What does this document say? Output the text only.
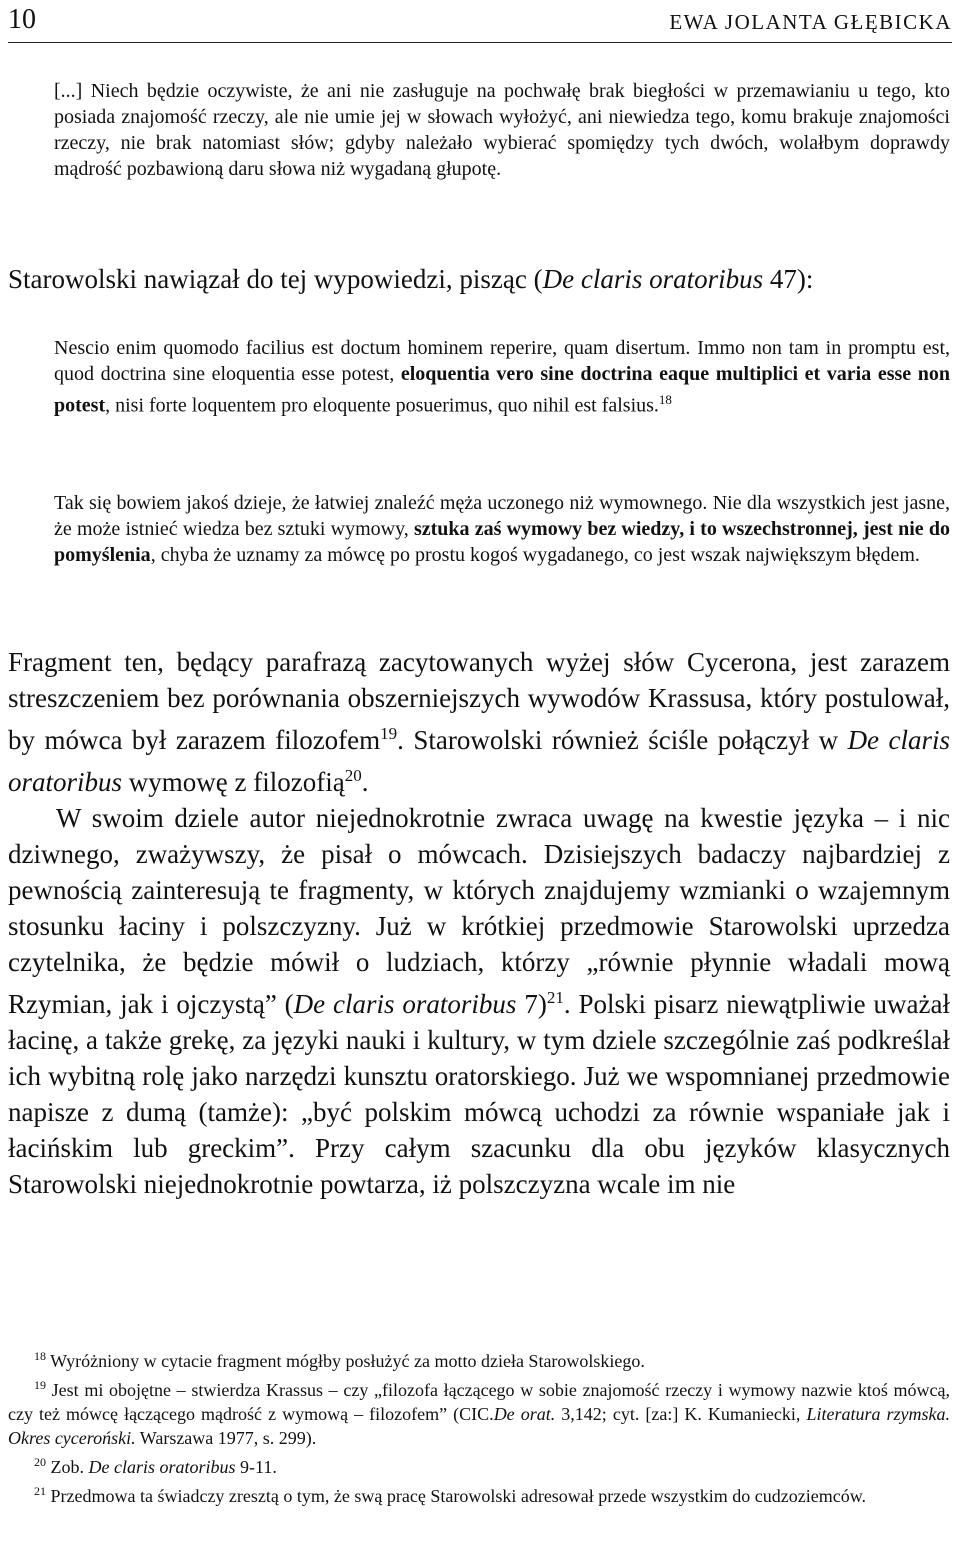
10	EWA JOLANTA GŁĘBICKA

[...] Niech będzie oczywiste, że ani nie zasługuje na pochwałę brak biegłości w przemawianiu u tego, kto posiada znajomość rzeczy, ale nie umie jej w słowach wyłożyć, ani niewiedza tego, komu brakuje znajomości rzeczy, nie brak natomiast słów; gdyby należało wybierać spomiędzy tych dwóch, wolałbym doprawdy mądrość pozbawioną daru słowa niż wygadaną głupotę.

Starowolski nawiązał do tej wypowiedzi, pisząc (De claris oratoribus 47):

Nescio enim quomodo facilius est doctum hominem reperire, quam disertum. Immo non tam in promptu est, quod doctrina sine eloquentia esse potest, eloquentia vero sine doctrina eaque multiplici et varia esse non potest, nisi forte loquentem pro eloquente posuerimus, quo nihil est falsius.$^{18}$

Tak się bowiem jakoś dzieje, że łatwiej znaleźć męża uczonego niż wymownego. Nie dla wszystkich jest jasne, że może istnieć wiedza bez sztuki wymowy, sztuka zaś wymowy bez wiedzy, i to wszechstronnej, jest nie do pomyślenia, chyba że uznamy za mówcę po prostu kogoś wygadanego, co jest wszak największym błędem.

Fragment ten, będący parafrazą zacytowanych wyżej słów Cycerona, jest zarazem streszczeniem bez porównania obszerniejszych wywodów Krassusa, który postulował, by mówca był zarazem filozofem$^{19}$. Starowolski również ściśle połączył w De claris oratoribus wymowę z filozofią$^{20}$.

W swoim dziele autor niejednokrotnie zwraca uwagę na kwestie języka – i nic dziwnego, zważywszy, że pisał o mówcach. Dzisiejszych badaczy najbardziej z pewnością zainteresują te fragmenty, w których znajdujemy wzmianki o wzajemnym stosunku łaciny i polszczyzny. Już w krótkiej przedmowie Starowolski uprzedza czytelnika, że będzie mówił o ludziach, którzy „równie płynnie władali mową Rzymian, jak i ojczystą” (De claris oratoribus 7)$^{21}$. Polski pisarz niewątpliwie uważał łacinę, a także grekę, za języki nauki i kultury, w tym dziele szczególnie zaś podkreślał ich wybitną rolę jako narzędzi kunsztu oratorskiego. Już we wspomnianej przedmowie napisze z dumą (tamże): „być polskim mówcą uchodzi za równie wspaniałe jak i łacińskim lub greckim”. Przy całym szacunku dla obu języków klasycznych Starowolski niejednokrotnie powtarza, iż polszczyzna wcale im nie

$^{18}$ Wyróżniony w cytacie fragment mógłby posłużyć za motto dzieła Starowolskiego.

$^{19}$ Jest mi obojętne – stwierdza Krassus – czy „filozofa łączącego w sobie znajomość rzeczy i wymowy nazwie ktoś mówcą, czy też mówcę łączącego mądrość z wymową – filozofem” (CIC.De orat. 3,142; cyt. [za:] K. Kumaniecki, Literatura rzymska. Okres cyceroński. Warszawa 1977, s. 299).

$^{20}$ Zob. De claris oratoribus 9-11.

$^{21}$ Przedmowa ta świadczy zresztą o tym, że swą pracę Starowolski adresował przede wszystkim do cudzoziemców.
